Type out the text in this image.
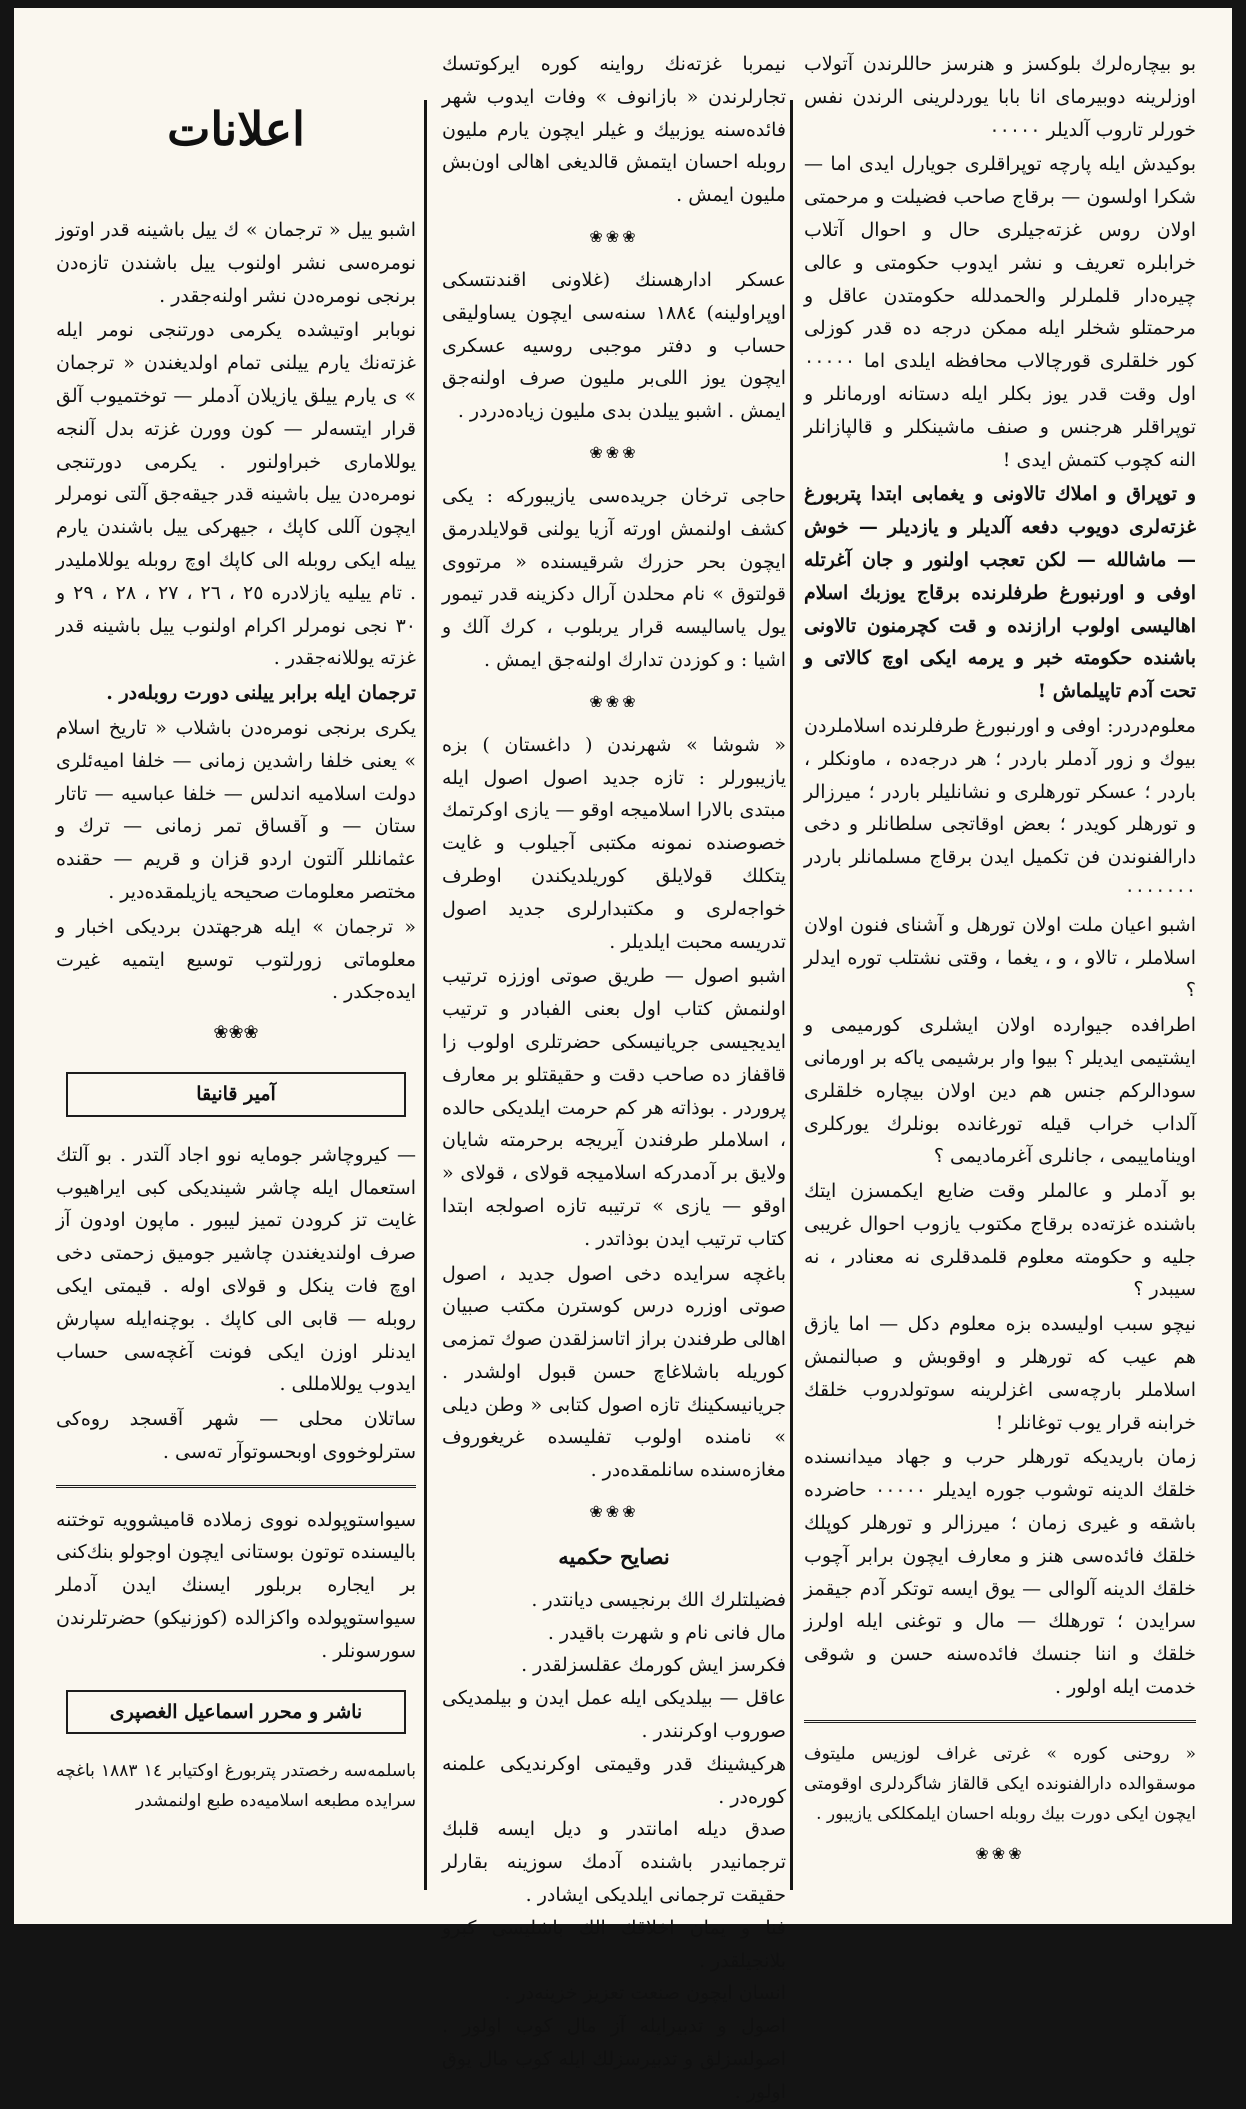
بو بیچاره‌لرك بلوكسز و هنرسز حاللرندن آتولاب اوزلرینه دوبیرمای انا بابا یوردلرینی الرندن نفس خورلر تاروب آلدیلر ۰۰۰۰۰

بوکیدش ایله پارچه توپراقلری جویارل ایدی اما — شکرا اولسون — برقاج صاحب فضیلت و مرحمتی اولان روس غزته‌جیلری حال و احوال آتلاب خرابلره تعریف و نشر ایدوب حکومتی و عالی چیره‌دار قلملرلر والحمدلله حکومتدن عاقل و مرحمتلو شخلر ایله ممکن درجه ده قدر کوزلی کور خلقلری قورچالاب محافظه ایلدی اما ۰۰۰۰۰ اول وقت قدر یوز بکلر ایله دستانه اورمانلر و توپراقلر هرجنس و صنف ماشینکلر و قالپازانلر النه کچوب کتمش ایدی !

و توپراق و املاك تالاونی و یغمابی ابتدا پتربورغ غزته‌لری دویوب دفعه آلدیلر و یازدیلر — خوش — ماشالله — لکن تعجب اولنور و جان آغرتله اوفی و اورنبورغ طرفلرنده برقاج یوزبك اسلام اهالیسی اولوب ارازنده و قت کچرمنون تالاونی باشنده حکومته خبر و یرمه ایکی اوچ کالاتی و تحت آدم تاپیلماش !

معلوم‌دردر: اوفی و اورنبورغ طرفلرنده اسلاملردن بیوك و زور آدملر باردر ؛ هر درجه‌ده ، ماونکلر ، باردر ؛ عسکر تورهلری و نشانلیلر باردر ؛ میرزالر و تورهلر کویدر ؛ بعض اوقاتجی سلطانلر و دخی دارالفنوندن فن تکمیل ایدن برقاج مسلمانلر باردر ۰۰۰۰۰۰۰

اشبو اعیان ملت اولان تورهل و آشنای فنون اولان اسلاملر ، تالاو ، و ، یغما ، وقتی نشتلب توره ایدلر ؟

اطرافده جیوارده اولان ایشلری کورمیمی و ایشتیمی ایدیلر ؟ بیوا وار برشیمی یاکه بر اورمانی سودالرکم جنس هم دین اولان بیچاره خلقلری آلداب خراب قیله تورغانده بونلرك یورکلری اویناماییمی ، جانلری آغرمادیمی ؟

بو آدملر و عالملر وقت ضایع ایکمسزن ایتك باشنده غزته‌ده برقاج مکتوب یازوب احوال غریبی جلیه و حکومته معلوم قلمدقلری نه معنادر ، نه سیبدر ؟

نیچو سبب اولیسده بزه معلوم دکل — اما یازق هم عیب که تورهلر و اوقوبش و صبالنمش اسلاملر بارچه‌سی اغزلرینه سوتولدروب خلقك خرابنه قرار یوب توغانلر !

زمان باریدیکه تورهلر حرب و جهاد میدانسنده خلقك الدینه توشوب جوره ایدیلر ۰۰۰۰۰ حاضرده باشقه و غیری زمان ؛ میرزالر و تورهلر كوپلك خلقك فائده‌سی هنز و معارف ایچون برابر آچوب خلقك الدینه آلوالی — یوق ایسه توتکر آدم جیقمز سرایدن ؛ تورهلك — مال و توغنی ایله اولرز خلقك و اننا جنسك فائده‌سنه حسن و شوقی خدمت ایله اولور .

« روحنی کوره » غرتی غراف لوزیس ملیتوف موسقوالده دارالفنونده ایکی قالقاز شاگردلری اوقومتی ایچون ایکی دورت بیك روبله احسان ایلمکلکی یازیبور .

❀❀❀

نیمربا غزته‌نك رواینه کوره ایرکوتسك تجارلرندن « بازانوف » وفات ایدوب شهر فائده‌سنه یوزبیك و غیلر ایچون یارم ملیون روبله احسان ایتمش قالدیغی اهالی اون‌بش ملیون ایمش .

❀❀❀

عسکر ادارهسنك (غلاونی اقندنتسکی اوپراولینه) ۱۸۸٤ سنه‌سی ایچون یساولیقی حساب و دفتر موجبی روسیه عسکری ایچون یوز اللی‌بر ملیون صرف اولنه‌جق ایمش . اشبو ییلدن بدی ملیون زیاده‌دردر .

❀❀❀

حاجی ترخان جریده‌سی یازیبورکه : یکی کشف اولنمش اورته آزیا یولنی قولایلدرمق ایچون بحر حزرك شرقیسنده « مرتووی قولتوق » نام محلدن آرال دکزینه قدر تیمور یول یاسالیسه قرار یربلوب ، کرك آلك و اشیا : و کوزدن تدارك اولنه‌جق ایمش .

❀❀❀

« شوشا » شهرندن ( داغستان ) بزه یازیبورلر : تازه جدید اصول اصول ایله مبتدی بالارا اسلامیجه اوقو — یازی اوکرتمك خصوصنده نمونه مکتبی آجیلوب و غایت یتکلك قولایلق کوریلدیکندن اوطرف خواجه‌لری و مکتبدارلری جدید اصول تدریسه محبت ایلدیلر .

اشبو اصول — طریق صوتی اوززه ترتیب اولنمش کتاب اول بعنی الفبادر و ترتیب ایدیجیسی جریانیسکی حضرتلری اولوب زا قاقفاز ده صاحب دقت و حقیقتلو بر معارف پروردر . بوذاته هر کم حرمت ایلدیکی حالده ، اسلاملر طرفندن آیریجه برحرمته شایان ولایق بر آدمدرکه اسلامیجه قولای ، قولای « اوقو — یازی » ترتیبه تازه اصولجه ابتدا کتاب ترتیب ایدن بوذاتدر .

باغچه سرایده دخی اصول جدید ، اصول صوتی اوزره درس کوسترن مکتب صبیان اهالی طرفندن براز اتاسزلقدن صوك تمزمی کوریله باشلاغاچ حسن قبول اولشدر . جریانیسکینك تازه اصول کتابی « وطن دیلی » نامنده اولوب تفلیسده غریغوروف مغازه‌سنده سانلمقده‌در .

❀❀❀
نصایح حکمیه

فضیلتلرك الك برنجیسی دیانتدر .

مال فانی نام و شهرت باقیدر .

فکرسز ایش کورمك عقلسزلقدر .

عاقل — بیلدیکی ایله عمل ایدن و بیلمدیکی صوروب اوکرنندر .

هرکیشینك قدر وقیمتی اوکرندیکی علمنه کوره‌در .

صدق دیله امانتدر و دیل ایسه قلبك ترجمانیدر باشنده آدمك سوزینه بقارلر حقیقت ترجمانی ایلدیکی ایشادر .

فنا و یمان اخلاقك الك باشلیسی کبرو بلانجیلقدر .

انسان ایچون صنعت تعزیز خزینه‌در .

اصول و تدبیرایله آز مال کوب اولور . اصولسزلق و تدبیرسزلك ایله کوب مال یوق اولور .

اعلانات

اشبو ییل « ترجمان » ك ییل باشینه قدر اوتوز نومره‌سی نشر اولنوب ییل باشندن تازه‌دن برنجی نومره‌دن نشر اولنه‌جقدر .

نوبابر اوتیشده یکرمی دورتنجی نومر ایله غزته‌نك یارم ییلنی تمام اولدیغندن « ترجمان » ی یارم ییلق یازیلان آدملر — توختمیوب آلق قرار ایتسه‌لر — کون وورن غزته بدل آلنجه یوللاماری خبراولنور . یکرمی دورتنجی نومره‌دن ییل باشینه قدر جیقه‌جق آلتی نومرلر ایچون آللی کاپك ، جیهرکی ییل باشندن یارم ییله ایکی روبله الی کاپك اوچ روبله یوللاملیدر . تام ییلیه یازلادره ۲٥ ، ۲٦ ، ۲۷ ، ۲۸ ، ۲۹ و ۳۰ نجی نومرلر اکرام اولنوب ییل باشینه قدر غزته یوللانه‌جقدر .

ترجمان ایله برابر ییلنی دورت روبله‌در .

یکری برنجی نومره‌دن باشلاب « تاریخ اسلام » یعنی خلفا راشدین زمانی — خلفا امیه‌ئلری دولت اسلامیه اندلس — خلفا عباسیه — تاتار ستان — و آقساق تمر زمانی — ترك و عثمانللر آلتون اردو قزان و قریم — حقنده مختصر معلومات صحیحه یازیلمقده‌دیر .

« ترجمان » ایله هرجهتدن بردیکی اخبار و معلوماتی زورلتوب توسیع ایتمیه غیرت ایده‌جکدر .

❀❀❀
آمیر قانیقا

— کیروچاشر جومایه نوو اجاد آلتدر . بو آلتك استعمال ایله چاشر شیندیکی کبی ایراهیوب غایت تز کرودن تمیز لیبور . ماپون اودون آز صرف اولندیغندن چاشیر جومیق زحمتی دخی اوچ فات ینکل و قولای اوله . قیمتی ایکی روبله — قابی الی کاپك . بوچنه‌ایله سپارش ایدنلر اوزن ایکی فونت آغچه‌سی حساب ایدوب یوللامللی .

ساتلان محلی — شهر آقسجد روه‌كی سترلوخووی اوبحسوتوآر ته‌سی .

سیواستوپولده نووی زملاده قامیشوویه توختنه بالیسنده توتون بوستانی ایچون اوجولو بنك‌کنی بر ایجاره بربلور ایسنك ایدن آدملر سیواستوپولده واکزالده (کوزنیکو) حضرتلرندن سورسونلر .

ناشر و محرر اسماعیل الغصپری

باسلمه‌سه رخصتدر پتربورغ اوکتیابر ۱٤ ۱۸۸۳ باغچه سرایده مطبعه اسلامیه‌ده طبع اولنمشدر
